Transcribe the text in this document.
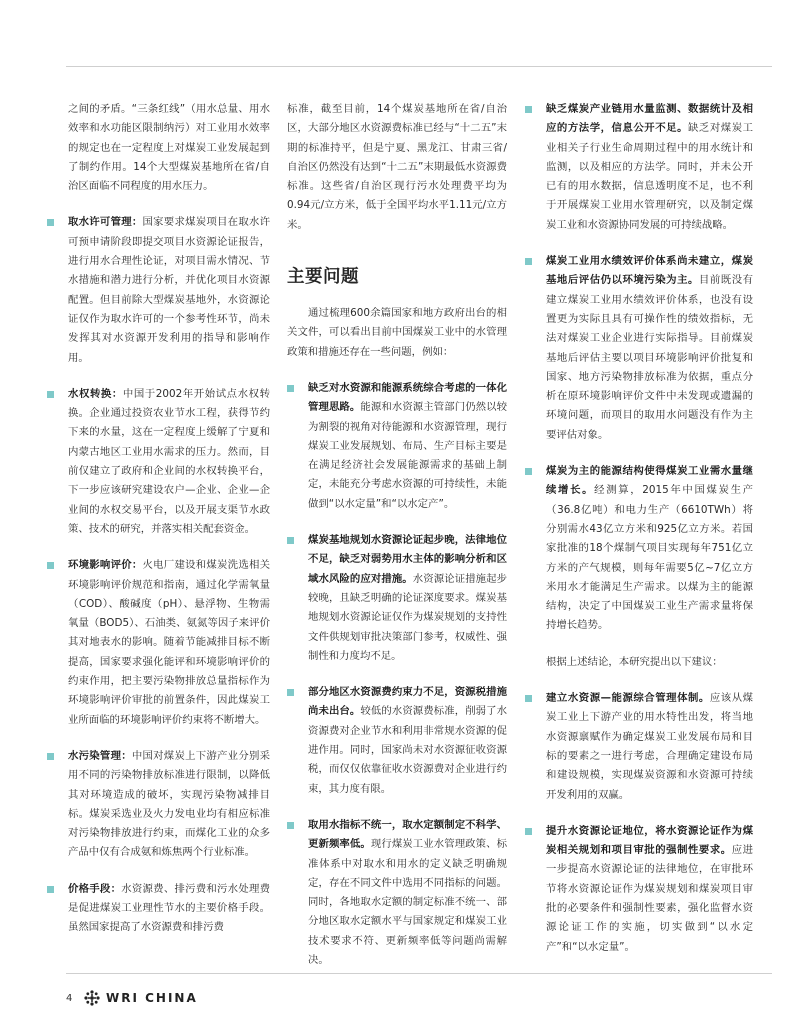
之间的矛盾。“三条红线”（用水总量、用水效率和水功能区限制纳污）对工业用水效率的规定也在一定程度上对煤炭工业发展起到了制约作用。14个大型煤炭基地所在省/自治区面临不同程度的用水压力。

取水许可管理：国家要求煤炭项目在取水许可预申请阶段即提交项目水资源论证报告，进行用水合理性论证，对项目需水情况、节水措施和潜力进行分析，并优化项目水资源配置。但目前除大型煤炭基地外，水资源论证仅作为取水许可的一个参考性环节，尚未发挥其对水资源开发利用的指导和影响作用。

水权转换：中国于2002年开始试点水权转换。企业通过投资农业节水工程，获得节约下来的水量，这在一定程度上缓解了宁夏和内蒙古地区工业用水需求的压力。然而，目前仅建立了政府和企业间的水权转换平台，下一步应该研究建设农户—企业、企业—企业间的水权交易平台，以及开展支渠节水政策、技术的研究，并落实相关配套资金。

环境影响评价：火电厂建设和煤炭洗选相关环境影响评价规范和指南，通过化学需氧量（COD）、酸碱度（pH）、悬浮物、生物需氧量（BOD5）、石油类、氨氮等因子来评价其对地表水的影响。随着节能减排目标不断提高，国家要求强化能评和环境影响评价的约束作用，把主要污染物排放总量指标作为环境影响评价审批的前置条件，因此煤炭工业所面临的环境影响评价约束将不断增大。

水污染管理：中国对煤炭上下游产业分别采用不同的污染物排放标准进行限制，以降低其对环境造成的破坏，实现污染物减排目标。煤炭采选业及火力发电业均有相应标准对污染物排放进行约束，而煤化工业的众多产品中仅有合成氨和炼焦两个行业标准。

价格手段：水资源费、排污费和污水处理费是促进煤炭工业理性节水的主要价格手段。虽然国家提高了水资源费和排污费

标准，截至目前，14个煤炭基地所在省/自治区，大部分地区水资源费标准已经与“十二五”末期的标准持平，但是宁夏、黑龙江、甘肃三省/自治区仍然没有达到“十二五”末期最低水资源费标准。这些省/自治区现行污水处理费平均为0.94元/立方米，低于全国平均水平1.11元/立方米。

主要问题

通过梳理600余篇国家和地方政府出台的相关文件，可以看出目前中国煤炭工业中的水管理政策和措施还存在一些问题，例如：

缺乏对水资源和能源系统综合考虑的一体化管理思路。能源和水资源主管部门仍然以较为割裂的视角对待能源和水资源管理，现行煤炭工业发展规划、布局、生产目标主要是在满足经济社会发展能源需求的基础上制定，未能充分考虑水资源的可持续性，未能做到“以水定量”和“以水定产”。

煤炭基地规划水资源论证起步晚，法律地位不足，缺乏对弱势用水主体的影响分析和区域水风险的应对措施。水资源论证措施起步较晚，且缺乏明确的论证深度要求。煤炭基地规划水资源论证仅作为煤炭规划的支持性文件供规划审批决策部门参考，权威性、强制性和力度均不足。

部分地区水资源费约束力不足，资源税措施尚未出台。较低的水资源费标准，削弱了水资源费对企业节水和利用非常规水资源的促进作用。同时，国家尚未对水资源征收资源税，而仅仅依靠征收水资源费对企业进行约束，其力度有限。

取用水指标不统一，取水定额制定不科学、更新频率低。现行煤炭工业水管理政策、标准体系中对取水和用水的定义缺乏明确规定，存在不同文件中选用不同指标的问题。同时，各地取水定额的制定标准不统一、部分地区取水定额水平与国家规定和煤炭工业技术要求不符、更新频率低等问题尚需解决。

缺乏煤炭产业链用水量监测、数据统计及相应的方法学，信息公开不足。缺乏对煤炭工业相关子行业生命周期过程中的用水统计和监测，以及相应的方法学。同时，并未公开已有的用水数据，信息透明度不足，也不利于开展煤炭工业用水管理研究，以及制定煤炭工业和水资源协同发展的可持续战略。

煤炭工业用水绩效评价体系尚未建立，煤炭基地后评估仍以环境污染为主。目前既没有建立煤炭工业用水绩效评价体系，也没有设置更为实际且具有可操作性的绩效指标，无法对煤炭工业企业进行实际指导。目前煤炭基地后评估主要以项目环境影响评价批复和国家、地方污染物排放标准为依据，重点分析在原环境影响评价文件中未发现或遗漏的环境问题，而项目的取用水问题没有作为主要评估对象。

煤炭为主的能源结构使得煤炭工业需水量继续增长。经测算，2015年中国煤炭生产（36.8亿吨）和电力生产（6610TWh）将分别需水43亿立方米和925亿立方米。若国家批准的18个煤制气项目实现每年751亿立方米的产气规模，则每年需要5亿~7亿立方米用水才能满足生产需求。以煤为主的能源结构，决定了中国煤炭工业生产需求量将保持增长趋势。

根据上述结论，本研究提出以下建议：

建立水资源—能源综合管理体制。应该从煤炭工业上下游产业的用水特性出发，将当地水资源禀赋作为确定煤炭工业发展布局和目标的要素之一进行考虑，合理确定建设布局和建设规模，实现煤炭资源和水资源可持续开发利用的双赢。

提升水资源论证地位，将水资源论证作为煤炭相关规划和项目审批的强制性要求。应进一步提高水资源论证的法律地位，在审批环节将水资源论证作为煤炭规划和煤炭项目审批的必要条件和强制性要素，强化监督水资源论证工作的实施，切实做到“以水定产”和“以水定量”。

4	WRI CHINA
